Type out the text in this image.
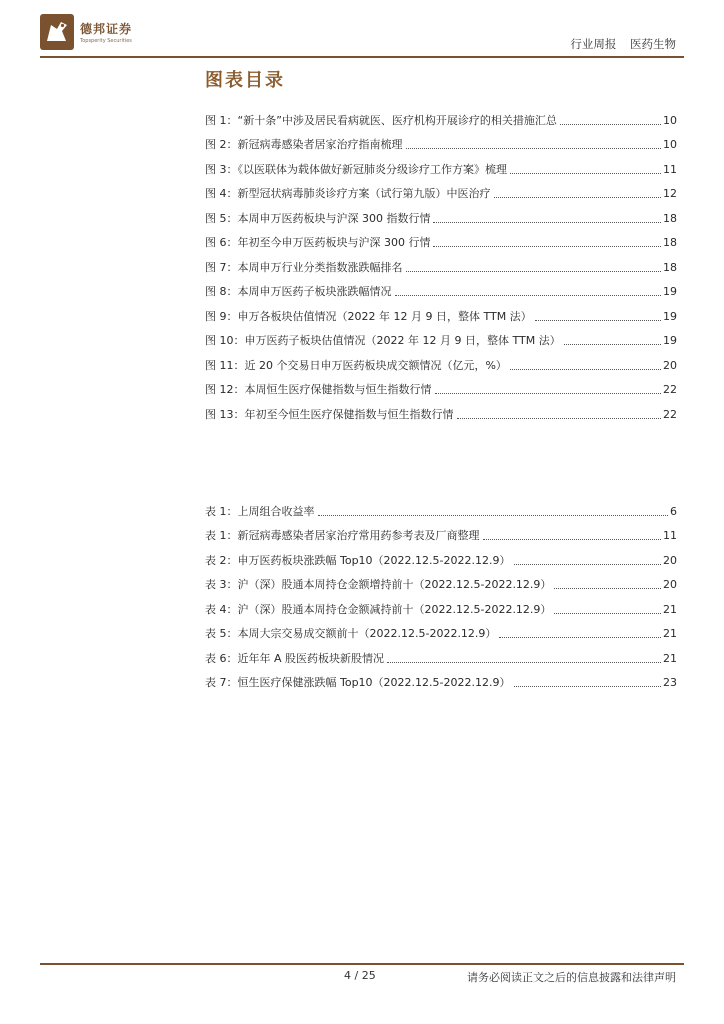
德邦证券
Topsperity Securities	行业周报 医药生物
图表目录
图 1：“新十条”中涉及居民看病就医、医疗机构开展诊疗的相关措施汇总	10
图 2：新冠病毒感染者居家治疗指南梳理	10
图 3：《以医联体为载体做好新冠肺炎分级诊疗工作方案》梳理	11
图 4：新型冠状病毒肺炎诊疗方案（试行第九版）中医治疗	12
图 5：本周申万医药板块与沪深 300 指数行情	18
图 6：年初至今申万医药板块与沪深 300 行情	18
图 7：本周申万行业分类指数涨跌幅排名	18
图 8：本周申万医药子板块涨跌幅情况	19
图 9：申万各板块估值情况（2022 年 12 月 9 日，整体 TTM 法）	19
图 10：申万医药子板块估值情况（2022 年 12 月 9 日，整体 TTM 法）	19
图 11：近 20 个交易日申万医药板块成交额情况（亿元，%）	20
图 12：本周恒生医疗保健指数与恒生指数行情	22
图 13：年初至今恒生医疗保健指数与恒生指数行情	22
表 1：上周组合收益率	6
表 1：新冠病毒感染者居家治疗常用药参考表及厂商整理	11
表 2：申万医药板块涨跌幅 Top10（2022.12.5-2022.12.9）	20
表 3：沪（深）股通本周持仓金额增持前十（2022.12.5-2022.12.9）	20
表 4：沪（深）股通本周持仓金额减持前十（2022.12.5-2022.12.9）	21
表 5：本周大宗交易成交额前十（2022.12.5-2022.12.9）	21
表 6：近年年 A 股医药板块新股情况	21
表 7：恒生医疗保健涨跌幅 Top10（2022.12.5-2022.12.9）	23
4 / 25	请务必阅读正文之后的信息披露和法律声明
